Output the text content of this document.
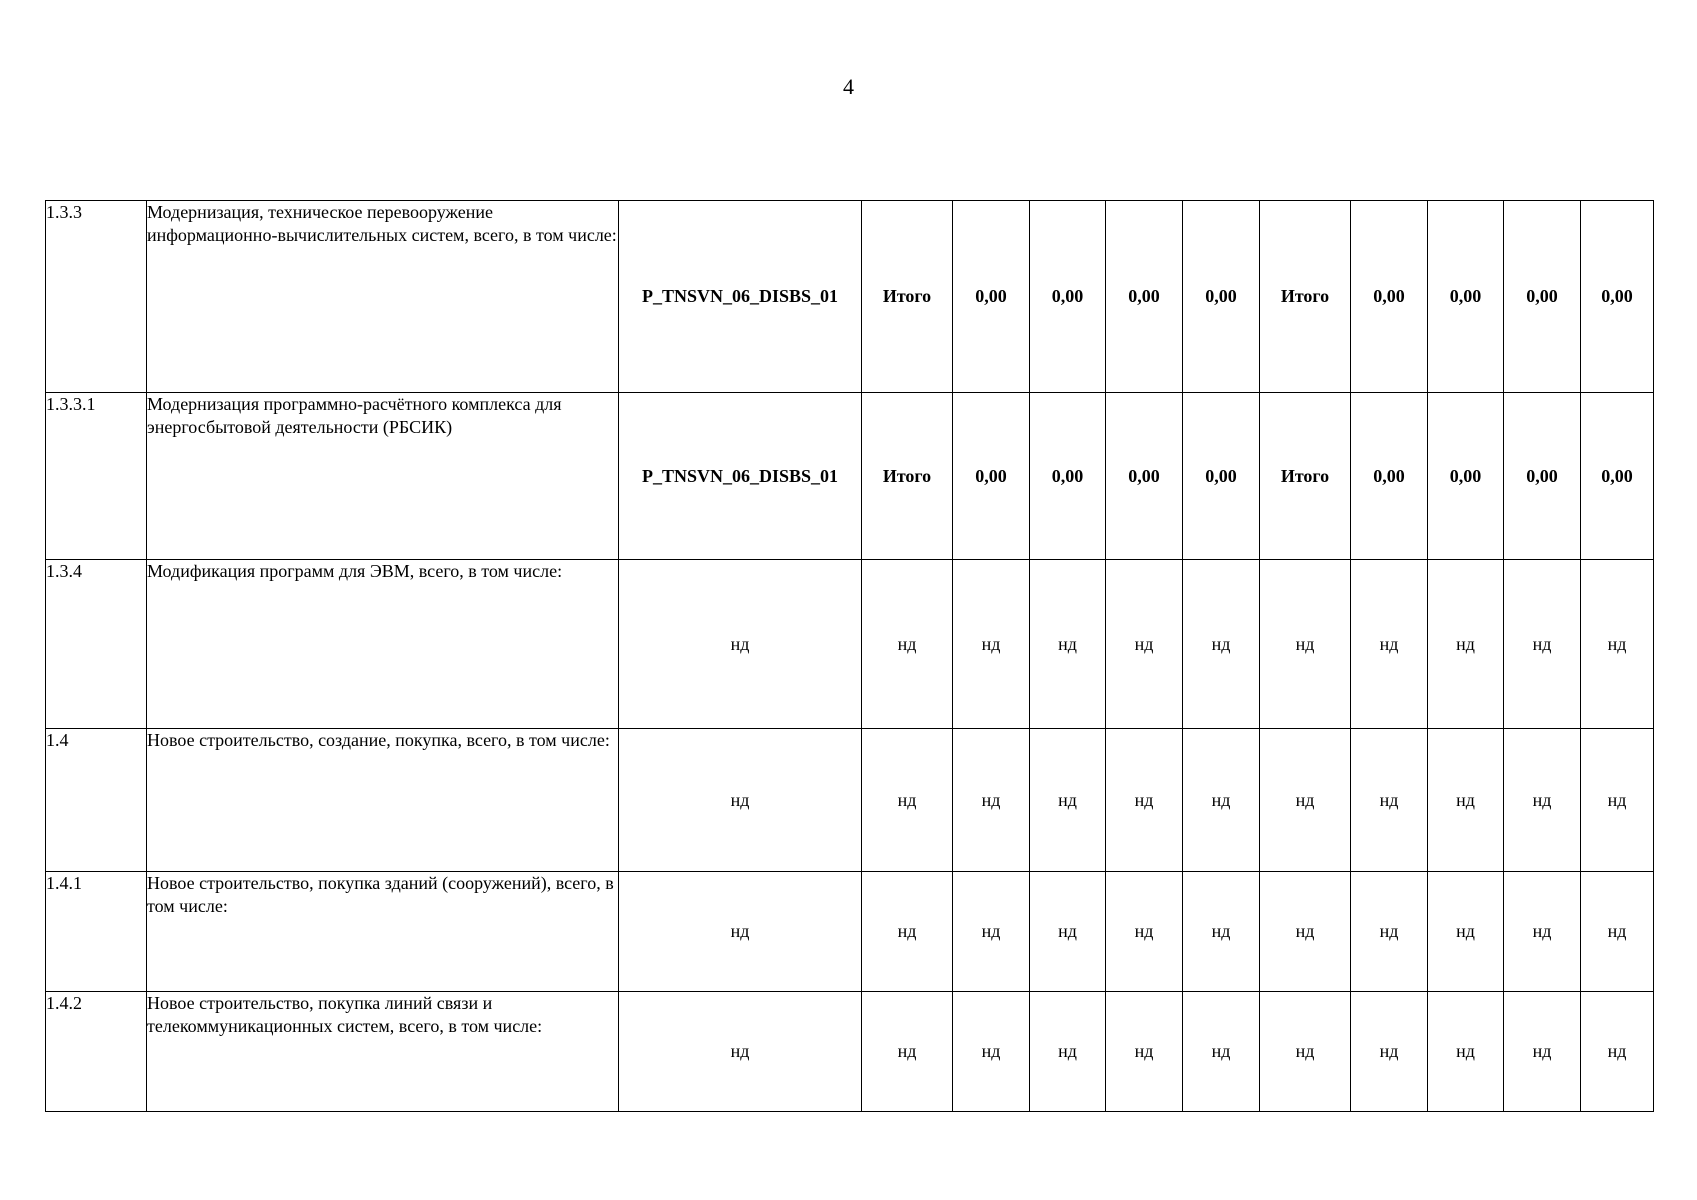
4
1.3.3	Модернизация, техническое перевооружение информационно-вычислительных систем, всего, в том числе:	P_TNSVN_06_DISBS_01	Итого	0,00	0,00	0,00	0,00	Итого	0,00	0,00	0,00	0,00
1.3.3.1	Модернизация программно-расчётного комплекса для энергосбытовой деятельности (РБСИК)	P_TNSVN_06_DISBS_01	Итого	0,00	0,00	0,00	0,00	Итого	0,00	0,00	0,00	0,00
1.3.4	Модификация программ для ЭВМ, всего, в том числе:	нд	нд	нд	нд	нд	нд	нд	нд	нд	нд	нд
1.4	Новое строительство, создание, покупка, всего, в том числе:	нд	нд	нд	нд	нд	нд	нд	нд	нд	нд	нд
1.4.1	Новое строительство, покупка зданий (сооружений), всего, в том числе:	нд	нд	нд	нд	нд	нд	нд	нд	нд	нд	нд
1.4.2	Новое строительство, покупка линий связи и телекоммуникационных систем, всего, в том числе:	нд	нд	нд	нд	нд	нд	нд	нд	нд	нд	нд
